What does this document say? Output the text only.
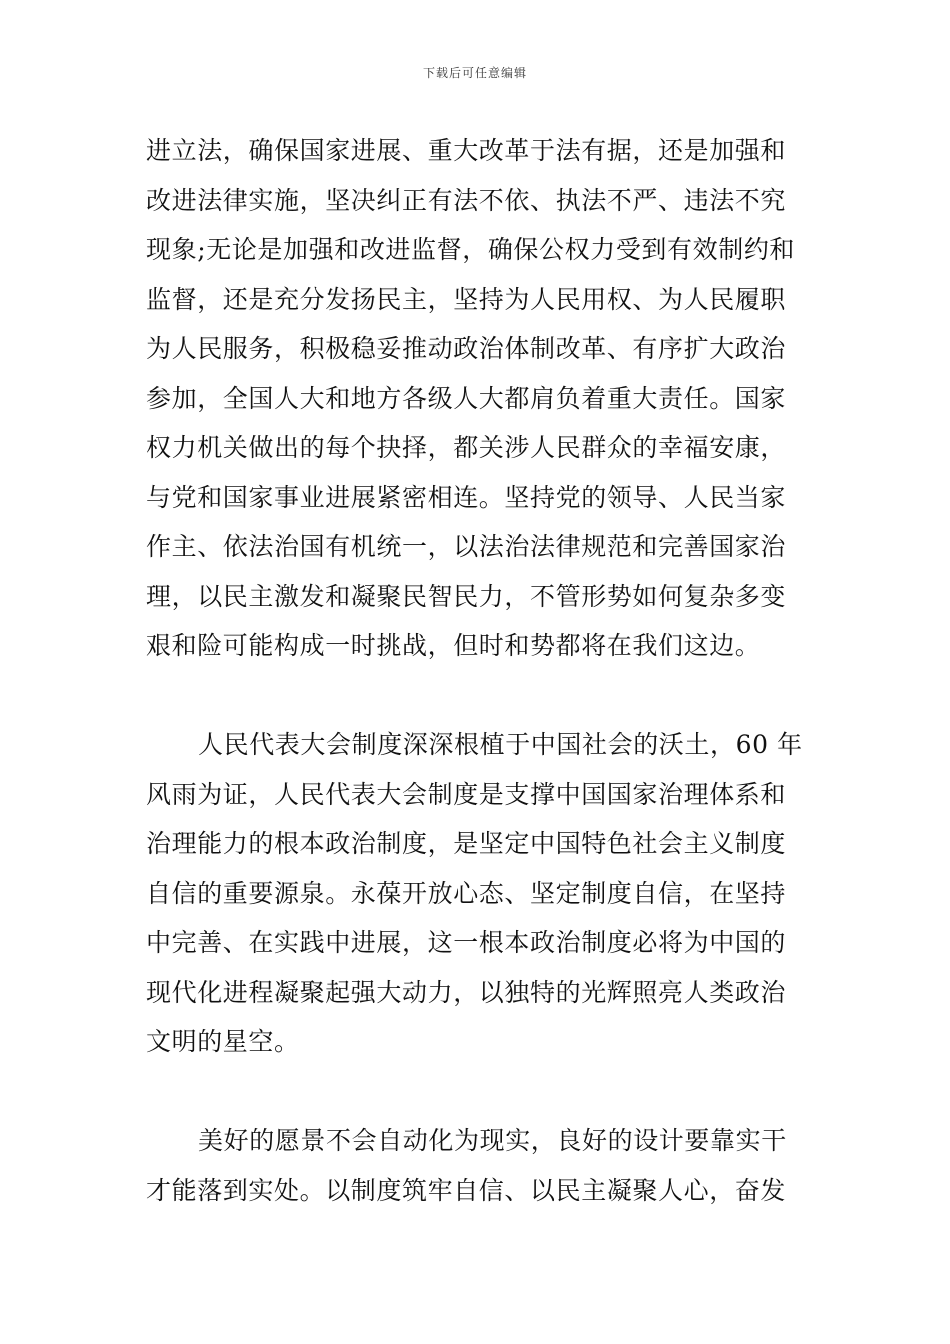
下载后可任意编辑
进立法，确保国家进展、重大改革于法有据，还是加强和
改进法律实施，坚决纠正有法不依、执法不严、违法不究
现象;无论是加强和改进监督，确保公权力受到有效制约和
监督，还是充分发扬民主，坚持为人民用权、为人民履职
为人民服务，积极稳妥推动政治体制改革、有序扩大政治
参加，全国人大和地方各级人大都肩负着重大责任。国家
权力机关做出的每个抉择，都关涉人民群众的幸福安康，
与党和国家事业进展紧密相连。坚持党的领导、人民当家
作主、依法治国有机统一，以法治法律规范和完善国家治
理，以民主激发和凝聚民智民力，不管形势如何复杂多变
艰和险可能构成一时挑战，但时和势都将在我们这边。
人民代表大会制度深深根植于中国社会的沃土，60 年
风雨为证，人民代表大会制度是支撑中国国家治理体系和
治理能力的根本政治制度，是坚定中国特色社会主义制度
自信的重要源泉。永葆开放心态、坚定制度自信，在坚持
中完善、在实践中进展，这一根本政治制度必将为中国的
现代化进程凝聚起强大动力，以独特的光辉照亮人类政治
文明的星空。
美好的愿景不会自动化为现实，良好的设计要靠实干
才能落到实处。以制度筑牢自信、以民主凝聚人心，奋发
